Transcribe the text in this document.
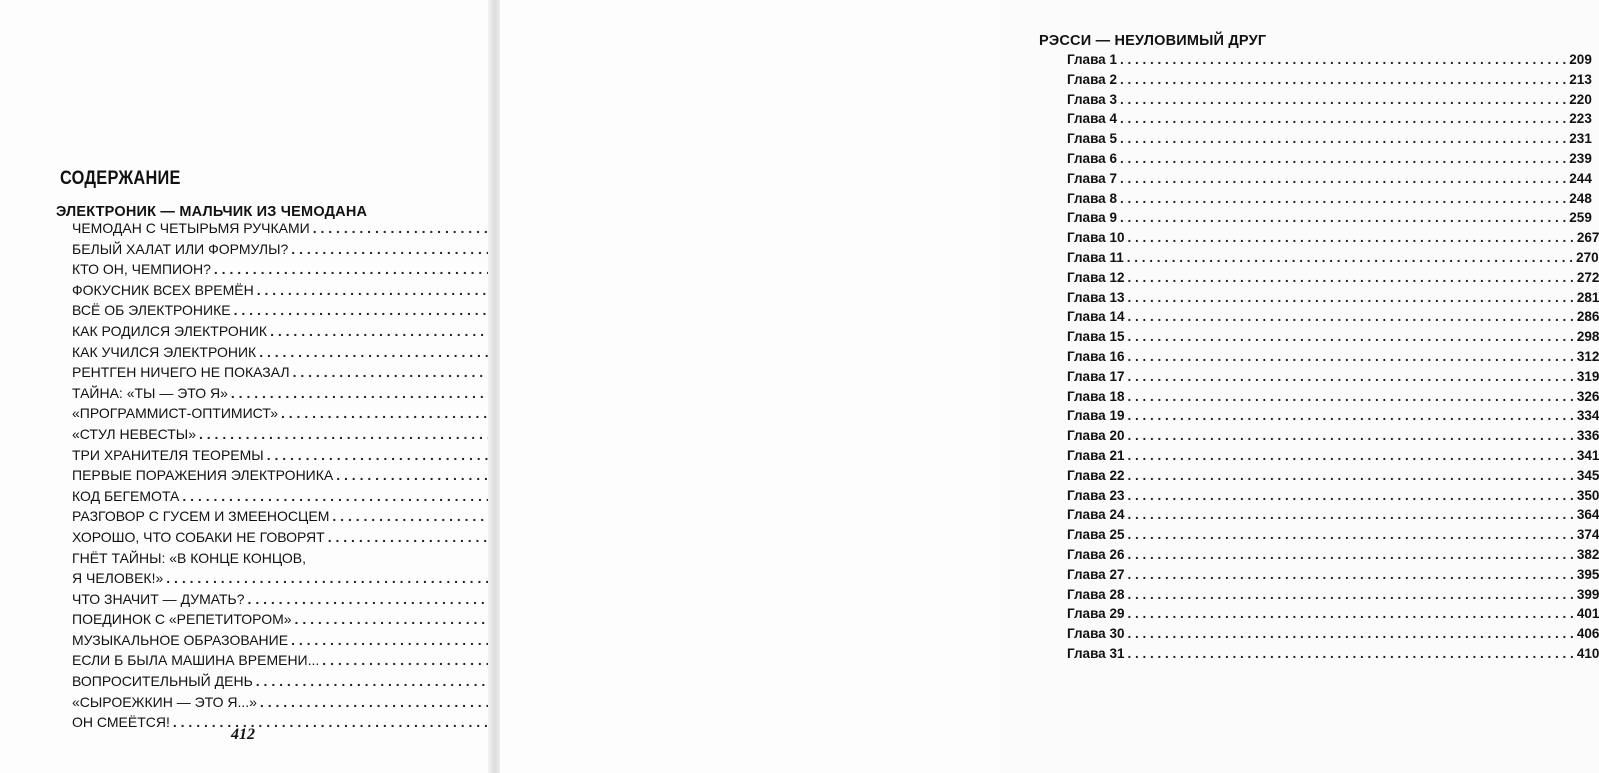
СОДЕРЖАНИЕ
ЭЛЕКТРОНИК — МАЛЬЧИК ИЗ ЧЕМОДАНА
ЧЕМОДАН С ЧЕТЫРЬМЯ РУЧКАМИ
. . .
БЕЛЫЙ ХАЛАТ ИЛИ ФОРМУЛЫ?
. . .
КТО ОН, ЧЕМПИОН?
. . .
ФОКУСНИК ВСЕХ ВРЕМЁН
. . .
ВСЁ ОБ ЭЛЕКТРОНИКЕ
. . .
КАК РОДИЛСЯ ЭЛЕКТРОНИК
. . .
КАК УЧИЛСЯ ЭЛЕКТРОНИК
. . .
РЕНТГЕН НИЧЕГО НЕ ПОКАЗАЛ
. . .
ТАЙНА: «ТЫ — ЭТО Я»
. . .
«ПРОГРАММИСТ-ОПТИМИСТ»
. . .
«СТУЛ НЕВЕСТЫ»
. . .
ТРИ ХРАНИТЕЛЯ ТЕОРЕМЫ
. . .
ПЕРВЫЕ ПОРАЖЕНИЯ ЭЛЕКТРОНИКА
. . .
КОД БЕГЕМОТА
. . .
РАЗГОВОР С ГУСЕМ И ЗМЕЕНОСЦЕМ
. . .
ХОРОШО, ЧТО СОБАКИ НЕ ГОВОРЯТ
. . .
ГНЁТ ТАЙНЫ: «В КОНЦЕ КОНЦОВ,
Я ЧЕЛОВЕК!»
. . .
ЧТО ЗНАЧИТ — ДУМАТЬ?
. . .
ПОЕДИНОК С «РЕПЕТИТОРОМ»
. . .
МУЗЫКАЛЬНОЕ ОБРАЗОВАНИЕ
. . .
ЕСЛИ Б БЫЛА МАШИНА ВРЕМЕНИ...
. . .
ВОПРОСИТЕЛЬНЫЙ ДЕНЬ
. . .
«СЫРОЕЖКИН — ЭТО Я...»
. . .
ОН СМЕЁТСЯ!
. . .
412
РЭССИ — НЕУЛОВИМЫЙ ДРУГ
Глава 1 . . .	209
Глава 2 . . .	213
Глава 3 . . .	220
Глава 4 . . .	223
Глава 5 . . .	231
Глава 6 . . .	239
Глава 7 . . .	244
Глава 8 . . .	248
Глава 9 . . .	259
Глава 10 . . .	267
Глава 11 . . .	270
Глава 12 . . .	272
Глава 13 . . .	281
Глава 14 . . .	286
Глава 15 . . .	298
Глава 16 . . .	312
Глава 17 . . .	319
Глава 18 . . .	326
Глава 19 . . .	334
Глава 20 . . .	336
Глава 21 . . .	341
Глава 22 . . .	345
Глава 23 . . .	350
Глава 24 . . .	364
Глава 25 . . .	374
Глава 26 . . .	382
Глава 27 . . .	395
Глава 28 . . .	399
Глава 29 . . .	401
Глава 30 . . .	406
Глава 31 . . .	410
